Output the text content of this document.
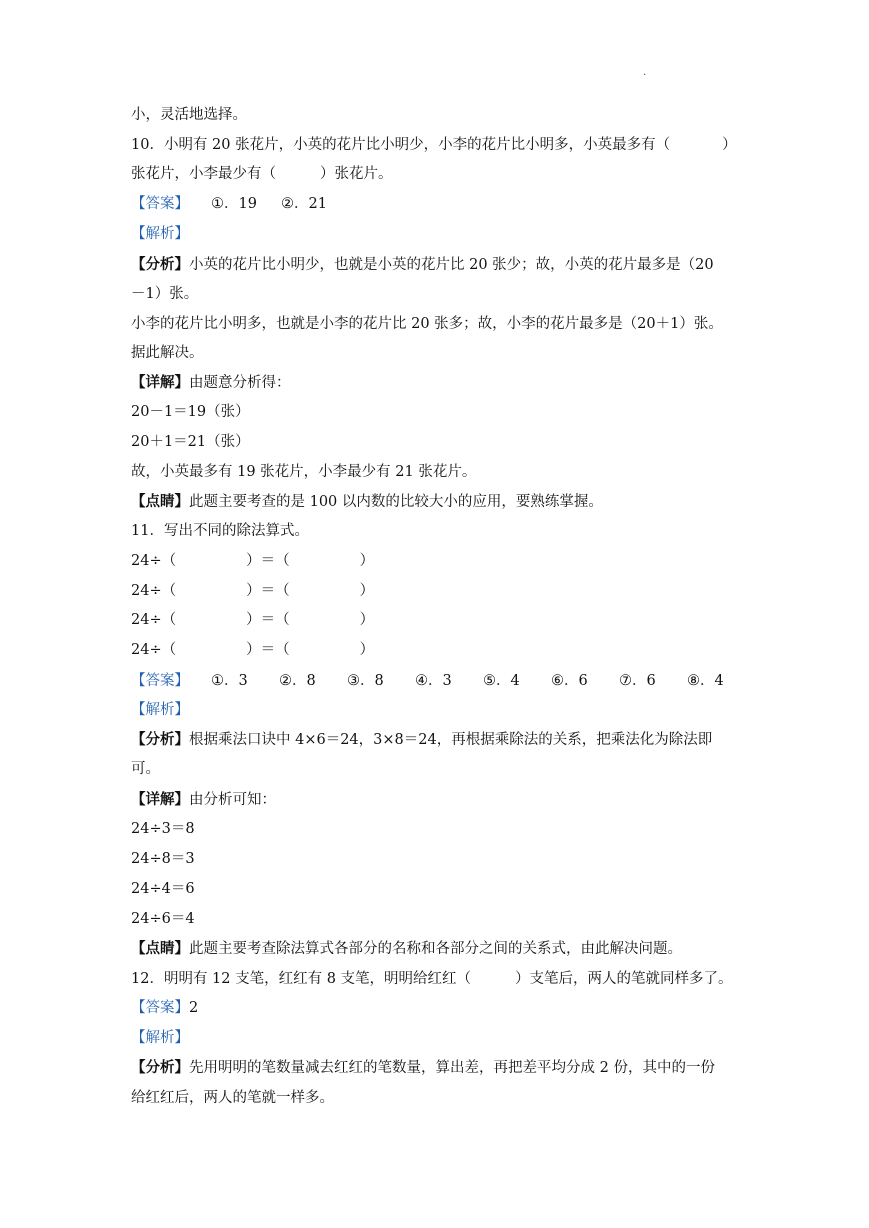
·
小，灵活地选择。
10．小明有 20 张花片，小英的花片比小明少，小李的花片比小明多，小英最多有（	）
张花片，小李最少有（	）张花片。
【答案】 ①．19 ②．21
【解析】
【分析】小英的花片比小明少，也就是小英的花片比 20 张少；故，小英的花片最多是（20
－1）张。
小李的花片比小明多，也就是小李的花片比 20 张多；故，小李的花片最多是（20＋1）张。
据此解决。
【详解】由题意分析得：
20－1＝19（张）
20＋1＝21（张）
故，小英最多有 19 张花片，小李最少有 21 张花片。
【点睛】此题主要考查的是 100 以内数的比较大小的应用，要熟练掌握。
11．写出不同的除法算式。
24÷（	）＝（	）
24÷（	）＝（	）
24÷（	）＝（	）
24÷（	）＝（	）
【答案】 ①．3 ②．8 ③．8 ④．3 ⑤．4 ⑥．6 ⑦．6 ⑧．4
【解析】
【分析】根据乘法口诀中 4×6＝24，3×8＝24，再根据乘除法的关系，把乘法化为除法即
可。
【详解】由分析可知：
24÷3＝8
24÷8＝3
24÷4＝6
24÷6＝4
【点睛】此题主要考查除法算式各部分的名称和各部分之间的关系式，由此解决问题。
12．明明有 12 支笔，红红有 8 支笔，明明给红红（	）支笔后，两人的笔就同样多了。
【答案】2
【解析】
【分析】先用明明的笔数量减去红红的笔数量，算出差，再把差平均分成 2 份，其中的一份
给红红后，两人的笔就一样多。
